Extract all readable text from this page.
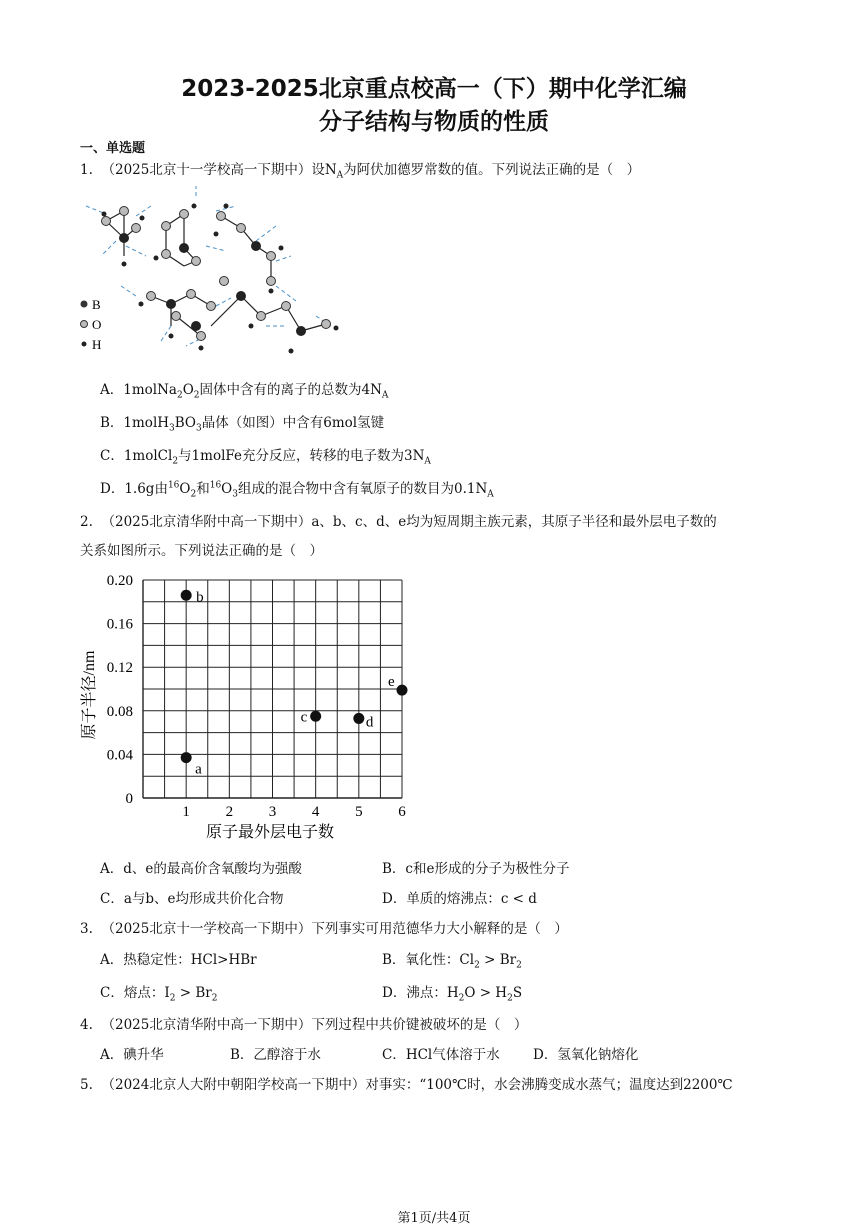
2023-2025北京重点校高一（下）期中化学汇编
分子结构与物质的性质
一、单选题
1. （2025北京十一学校高一下期中）设$N_A$为阿伏加德罗常数的值。下列说法正确的是（　）
B
O
H
A．$1molNa_2O_2$固体中含有的离子的总数为$4N_A$
B．$1molH_3BO_3$晶体（如图）中含有6mol氢键
C．1molCl$_2$与1molFe充分反应，转移的电子数为$3N_A$
D．1.6g由$^{16}O_2$和$^{16}O_3$组成的混合物中含有氧原子的数目为$0.1N_A$
2. （2025北京清华附中高一下期中）a、b、c、d、e均为短周期主族元素，其原子半径和最外层电子数的
关系如图所示。下列说法正确的是（　）
0
0.04
0.08
0.12
0.16
0.20
1 2 3 4 5 6
a
b
c	d
e
原子最外层电子数
原子半径/nm
A．d、e的最高价含氧酸均为强酸	B．c和e形成的分子为极性分子
C．a与b、e均形成共价化合物	D．单质的熔沸点：c < d
3. （2025北京十一学校高一下期中）下列事实可用范德华力大小解释的是（　）
A．热稳定性：HCl>HBr	B．氧化性：$Cl_2 > Br_2$
C．熔点：$I_2 > Br_2$	D．沸点：$H_2O > H_2S$
4. （2025北京清华附中高一下期中）下列过程中共价键被破坏的是（　）
A．碘升华	B．乙醇溶于水	C．HCl气体溶于水 D．氢氧化钠熔化
5. （2024北京人大附中朝阳学校高一下期中）对事实：“100℃时，水会沸腾变成水蒸气；温度达到2200℃
第1页/共4页
